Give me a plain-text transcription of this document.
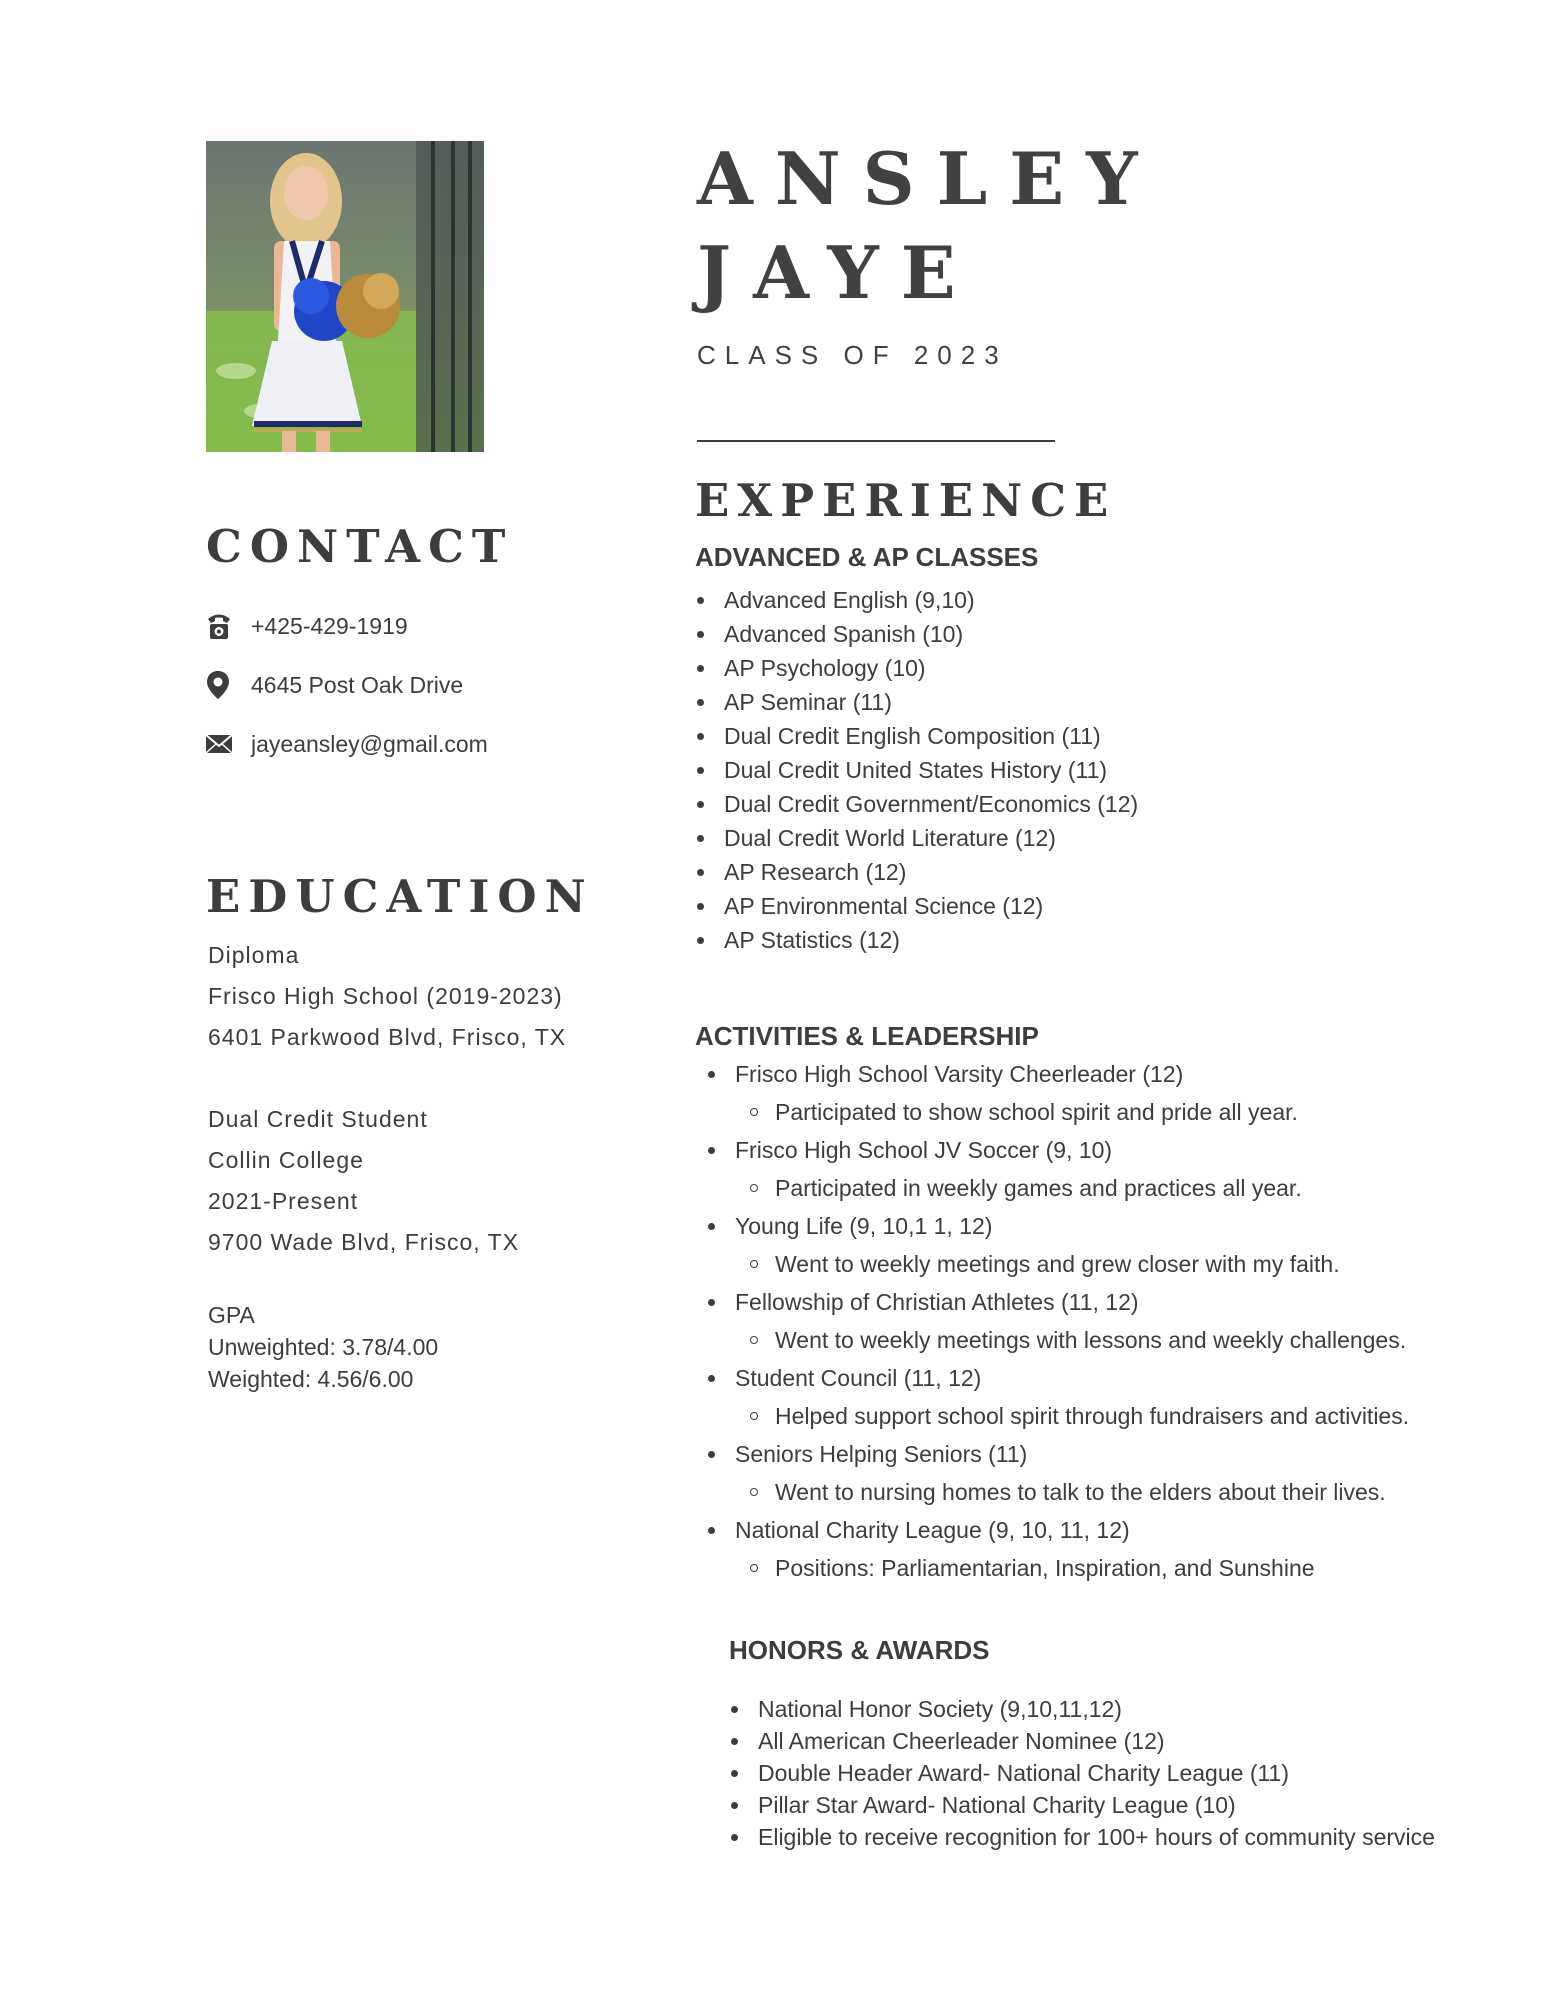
ANSLEY
JAYE
CLASS OF 2023
CONTACT
+425-429-1919
4645 Post Oak Drive
jayeansley@gmail.com
EDUCATION
Diploma
Frisco High School (2019-2023)
6401 Parkwood Blvd, Frisco, TX
Dual Credit Student
Collin College
2021-Present
9700 Wade Blvd, Frisco, TX
GPA
Unweighted: 3.78/4.00
Weighted: 4.56/6.00
EXPERIENCE
ADVANCED & AP CLASSES
Advanced English (9,10)
Advanced Spanish (10)
AP Psychology (10)
AP Seminar (11)
Dual Credit English Composition (11)
Dual Credit United States History (11)
Dual Credit Government/Economics (12)
Dual Credit World Literature (12)
AP Research (12)
AP Environmental Science (12)
AP Statistics (12)
ACTIVITIES & LEADERSHIP
Frisco High School Varsity Cheerleader (12)
Participated to show school spirit and pride all year.
Frisco High School JV Soccer (9, 10)
Participated in weekly games and practices all year.
Young Life (9, 10,1 1, 12)
Went to weekly meetings and grew closer with my faith.
Fellowship of Christian Athletes (11, 12)
Went to weekly meetings with lessons and weekly challenges.
Student Council (11, 12)
Helped support school spirit through fundraisers and activities.
Seniors Helping Seniors (11)
Went to nursing homes to talk to the elders about their lives.
National Charity League (9, 10, 11, 12)
Positions: Parliamentarian, Inspiration, and Sunshine
HONORS & AWARDS
National Honor Society (9,10,11,12)
All American Cheerleader Nominee (12)
Double Header Award- National Charity League (11)
Pillar Star Award- National Charity League (10)
Eligible to receive recognition for 100+ hours of community service
